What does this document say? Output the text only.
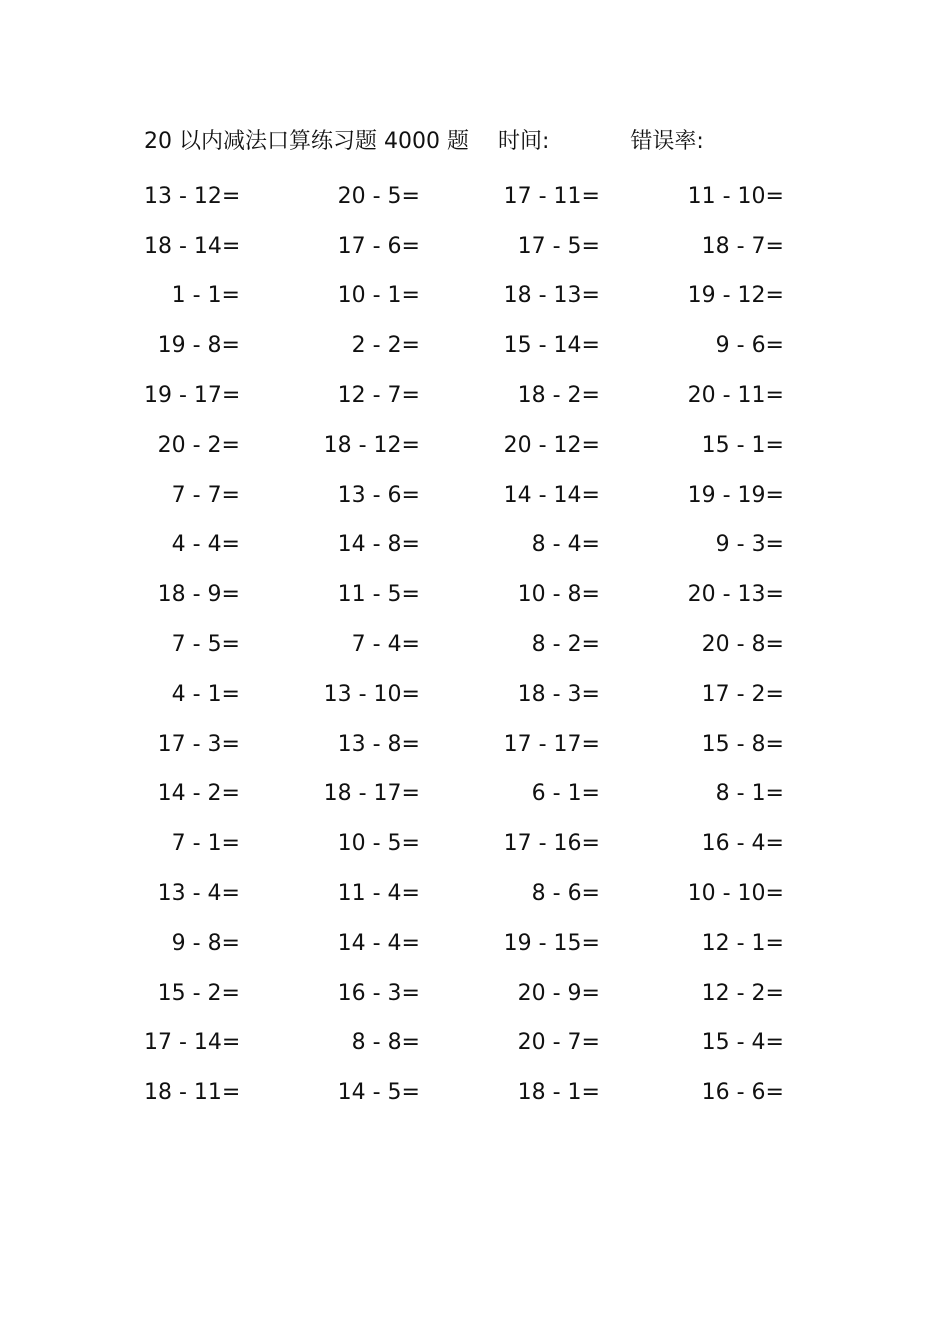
20 以内减法口算练习题 4000 题 时间:	错误率:
13 - 12=	20 - 5=	17 - 11=	11 - 10=
18 - 14=	17 - 6=	17 - 5=	18 - 7=
1 - 1=	10 - 1=	18 - 13=	19 - 12=
19 - 8=	2 - 2=	15 - 14=	9 - 6=
19 - 17=	12 - 7=	18 - 2=	20 - 11=
20 - 2=	18 - 12=	20 - 12=	15 - 1=
7 - 7=	13 - 6=	14 - 14=	19 - 19=
4 - 4=	14 - 8=	8 - 4=	9 - 3=
18 - 9=	11 - 5=	10 - 8=	20 - 13=
7 - 5=	7 - 4=	8 - 2=	20 - 8=
4 - 1=	13 - 10=	18 - 3=	17 - 2=
17 - 3=	13 - 8=	17 - 17=	15 - 8=
14 - 2=	18 - 17=	6 - 1=	8 - 1=
7 - 1=	10 - 5=	17 - 16=	16 - 4=
13 - 4=	11 - 4=	8 - 6=	10 - 10=
9 - 8=	14 - 4=	19 - 15=	12 - 1=
15 - 2=	16 - 3=	20 - 9=	12 - 2=
17 - 14=	8 - 8=	20 - 7=	15 - 4=
18 - 11=	14 - 5=	18 - 1=	16 - 6=
